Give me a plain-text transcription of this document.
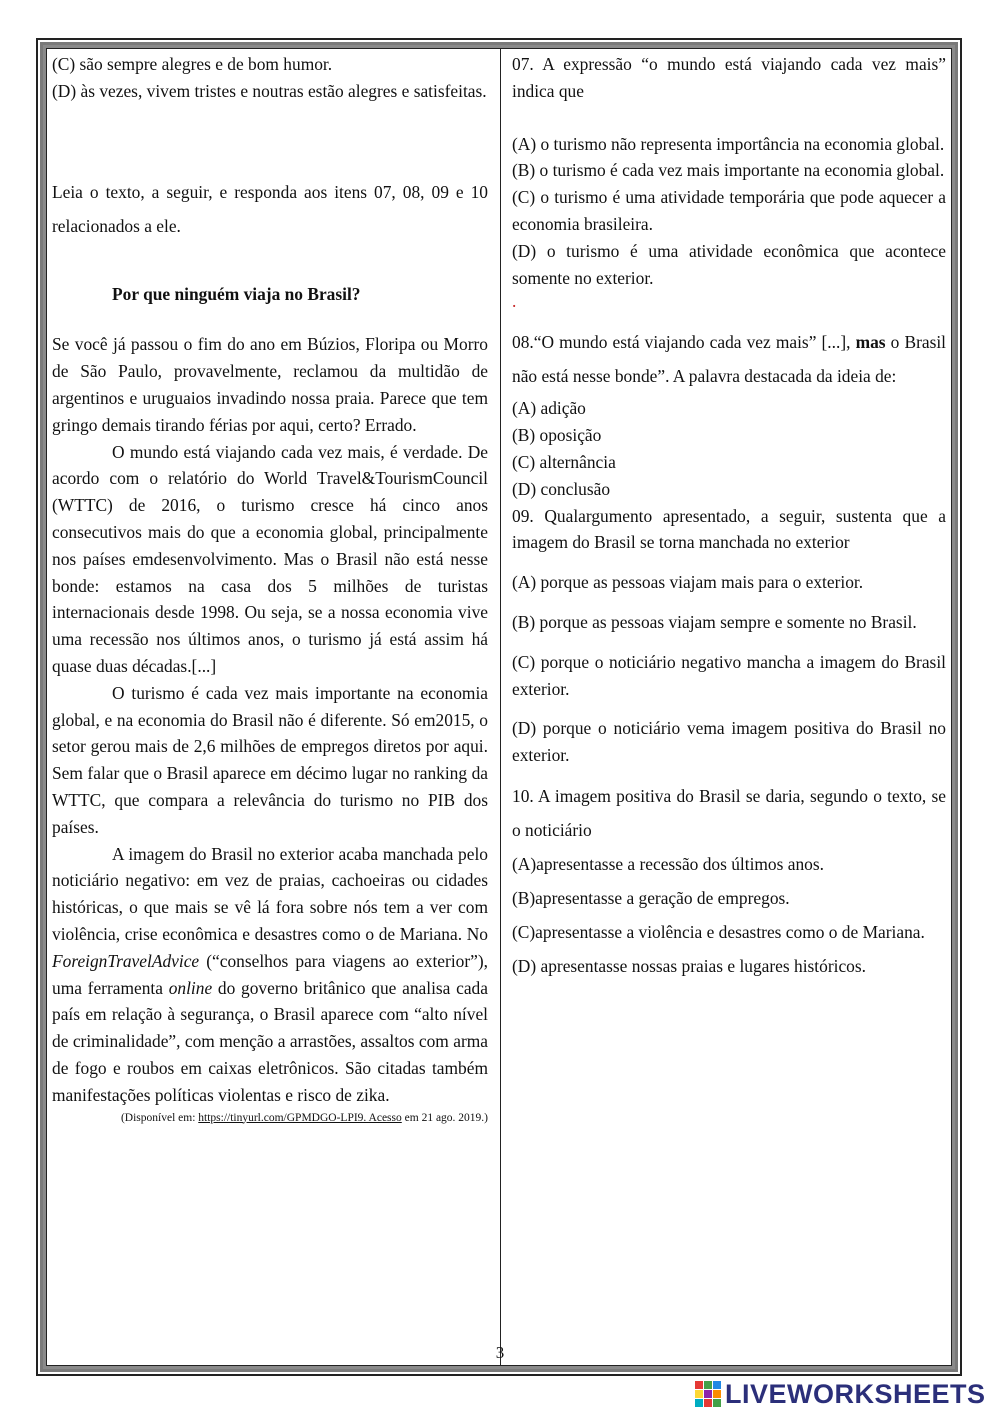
(C) são sempre alegres e de bom humor.

(D) às vezes, vivem tristes e noutras estão alegres e satisfeitas.

Leia o texto, a seguir, e responda aos itens 07, 08, 09 e 10 relacionados a ele.

Por que ninguém viaja no Brasil?

Se você já passou o fim do ano em Búzios, Floripa ou Morro de São Paulo, provavelmente, reclamou da multidão de argentinos e uruguaios invadindo nossa praia. Parece que tem gringo demais tirando férias por aqui, certo? Errado.

O mundo está viajando cada vez mais, é verdade. De acordo com o relatório do World Travel&TourismCouncil (WTTC) de 2016, o turismo cresce há cinco anos consecutivos mais do que a economia global, principalmente nos países emdesenvolvimento. Mas o Brasil não está nesse bonde: estamos na casa dos 5 milhões de turistas internacionais desde 1998. Ou seja, se a nossa economia vive uma recessão nos últimos anos, o turismo já está assim há quase duas décadas.[...]

O turismo é cada vez mais importante na economia global, e na economia do Brasil não é diferente. Só em2015, o setor gerou mais de 2,6 milhões de empregos diretos por aqui. Sem falar que o Brasil aparece em décimo lugar no ranking da WTTC, que compara a relevância do turismo no PIB dos países.

A imagem do Brasil no exterior acaba manchada pelo noticiário negativo: em vez de praias, cachoeiras ou cidades históricas, o que mais se vê lá fora sobre nós tem a ver com violência, crise econômica e desastres como o de Mariana. No ForeignTravelAdvice (“conselhos para viagens ao exterior”), uma ferramenta online do governo britânico que analisa cada país em relação à segurança, o Brasil aparece com “alto nível de criminalidade”, com menção a arrastões, assaltos com arma de fogo e roubos em caixas eletrônicos. São citadas também manifestações políticas violentas e risco de zika.

(Disponível em: https://tinyurl.com/GPMDGO-LPI9. Acesso em 21 ago. 2019.)

07. A expressão “o mundo está viajando cada vez mais” indica que

(A) o turismo não representa importância na economia global.

(B) o turismo é cada vez mais importante na economia global.

(C) o turismo é uma atividade temporária que pode aquecer a economia brasileira.

(D) o turismo é uma atividade econômica que acontece somente no exterior.

.

08.“O mundo está viajando cada vez mais” [...], mas o Brasil não está nesse bonde”. A palavra destacada da ideia de:

(A) adição

(B) oposição

(C) alternância

(D) conclusão

09. Qualargumento apresentado, a seguir, sustenta que a imagem do Brasil se torna manchada no exterior

(A) porque as pessoas viajam mais para o exterior.

(B) porque as pessoas viajam sempre e somente no Brasil.

(C) porque o noticiário negativo mancha a imagem do Brasil exterior.

(D) porque o noticiário vema imagem positiva do Brasil no exterior.

10. A imagem positiva do Brasil se daria, segundo o texto, se o noticiário

(A)apresentasse a recessão dos últimos anos.

(B)apresentasse a geração de empregos.

(C)apresentasse a violência e desastres como o de Mariana.

(D) apresentasse nossas praias e lugares históricos.

3
LIVEWORKSHEETS
